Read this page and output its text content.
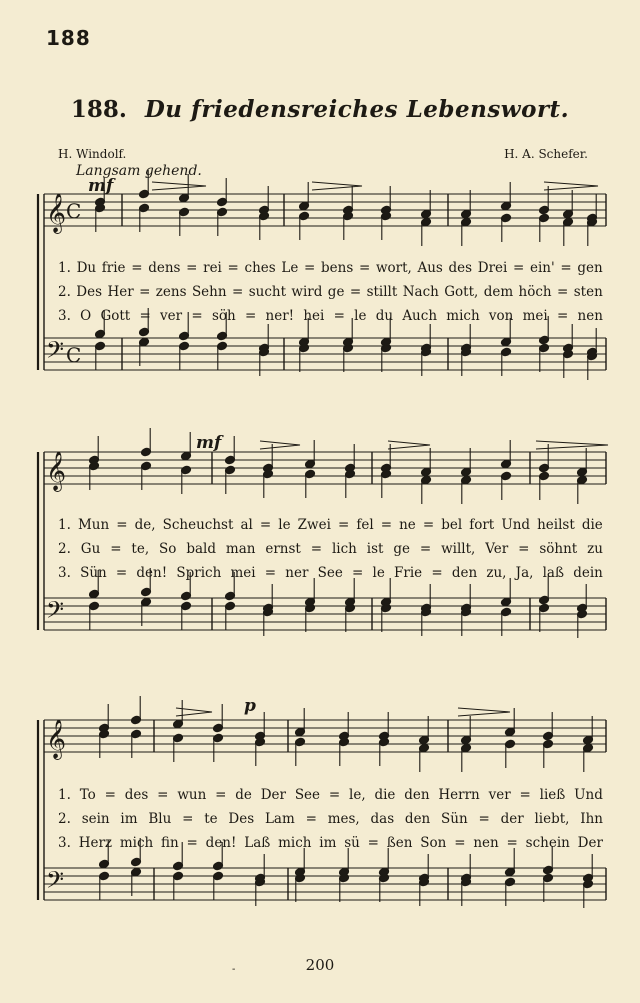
188
188. Du friedensreiches Lebenswort.
H. Windolf.	H. A. Schefer.
Langsam gehend.
mf
mf
p
𝄞
𝄢
C
C
𝄞
𝄢
𝄞
𝄢
1. Du frie = dens = rei = ches Le = bens = wort, Aus des Drei = ein' = gen
2. Des Her = zens Sehn = sucht wird ge = stillt Nach Gott, dem höch = sten
3. O Gott = ver = söh = ner! hei = le du Auch mich von mei = nen
1. Mun = de, Scheuchst al = le Zwei = fel = ne = bel fort Und heilst die
2. Gu = te, So bald man ernst = lich ist ge = willt, Ver = söhnt zu
3. Sün = den! Sprich mei = ner See = le Frie = den zu, Ja, laß dein
1. To = des = wun = de Der See = le, die den Herrn ver = ließ Und
2. sein im Blu = te Des Lam = mes, das den Sün = der liebt, Ihn
3. Herz mich fin = den! Laß mich im sü = ßen Son = nen = schein Der
200
-
